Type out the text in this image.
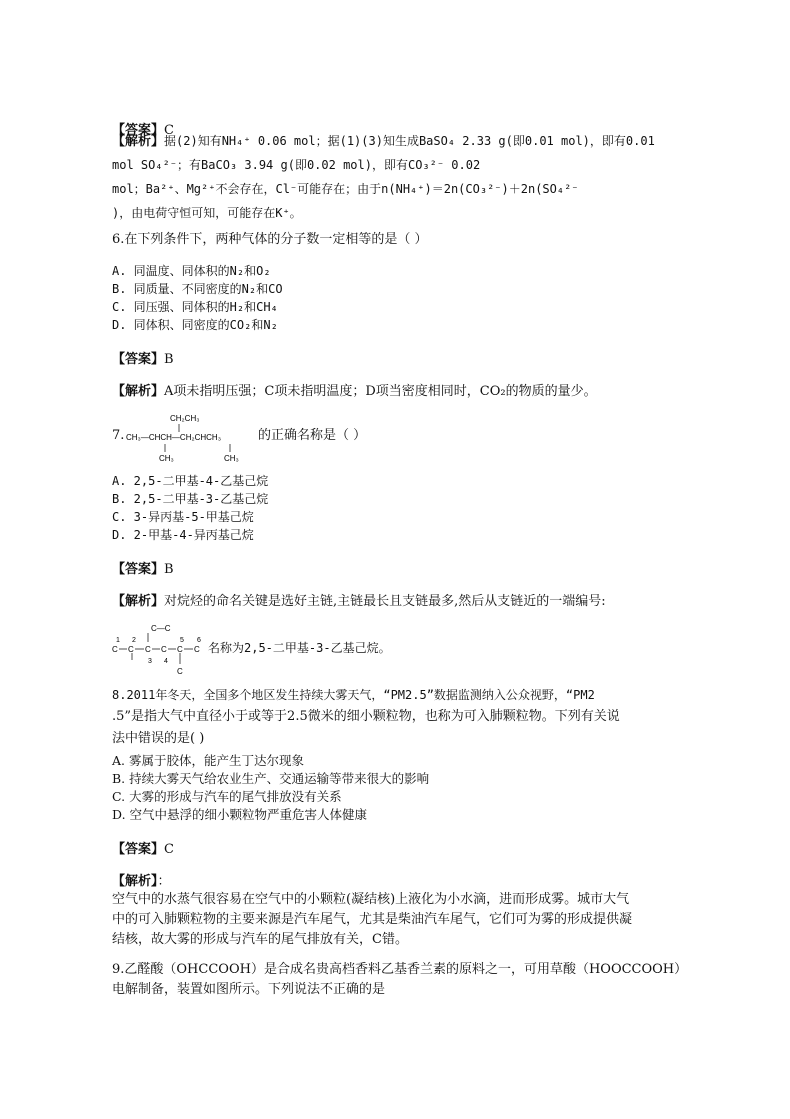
【答案】C
【解析】据(2)知有NH₄⁺ 0.06 mol；据(1)(3)知生成BaSO₄ 2.33 g(即0.01 mol)，即有0.01
mol SO₄²⁻；有BaCO₃ 3.94 g(即0.02 mol)，即有CO₃²⁻ 0.02
mol；Ba²⁺、Mg²⁺不会存在，Cl⁻可能存在；由于n(NH₄⁺)＝2n(CO₃²⁻)＋2n(SO₄²⁻
)，由电荷守恒可知，可能存在K⁺。
6.在下列条件下，两种气体的分子数一定相等的是（ ）
A. 同温度、同体积的N₂和O₂
B. 同质量、不同密度的N₂和CO
C. 同压强、同体积的H₂和CH₄
D. 同体积、同密度的CO₂和N₂
【答案】B
【解析】A项未指明压强；C项未指明温度；D项当密度相同时，CO₂的物质的量少。
7.
CH₂CH₃
CH₃—CHCH—CH₂CHCH₃
CH₃	CH₃
的正确名称是（ ）
A. 2,5-二甲基-4-乙基己烷
B. 2,5-二甲基-3-乙基己烷
C. 3-异丙基-5-甲基己烷
D. 2-甲基-4-异丙基己烷
【答案】B
【解析】对烷烃的命名关键是选好主链,主链最长且支链最多,然后从支链近的一端编号:
C—C
1 2	5 6
C C C C C C
3 4
C
名称为2,5-二甲基-3-乙基己烷。
8.2011年冬天，全国多个地区发生持续大雾天气，“PM2.5”数据监测纳入公众视野，“PM2
.5”是指大气中直径小于或等于2.5微米的细小颗粒物，也称为可入肺颗粒物。下列有关说
法中错误的是( )
A. 雾属于胶体，能产生丁达尔现象
B. 持续大雾天气给农业生产、交通运输等带来很大的影响
C. 大雾的形成与汽车的尾气排放没有关系
D. 空气中悬浮的细小颗粒物严重危害人体健康
【答案】C
【解析】：
空气中的水蒸气很容易在空气中的小颗粒(凝结核)上液化为小水滴，进而形成雾。城市大气
中的可入肺颗粒物的主要来源是汽车尾气，尤其是柴油汽车尾气，它们可为雾的形成提供凝
结核，故大雾的形成与汽车的尾气排放有关，C错。
9.乙醛酸（OHCCOOH）是合成名贵高档香料乙基香兰素的原料之一，可用草酸（HOOCCOOH）
电解制备，装置如图所示。下列说法不正确的是
